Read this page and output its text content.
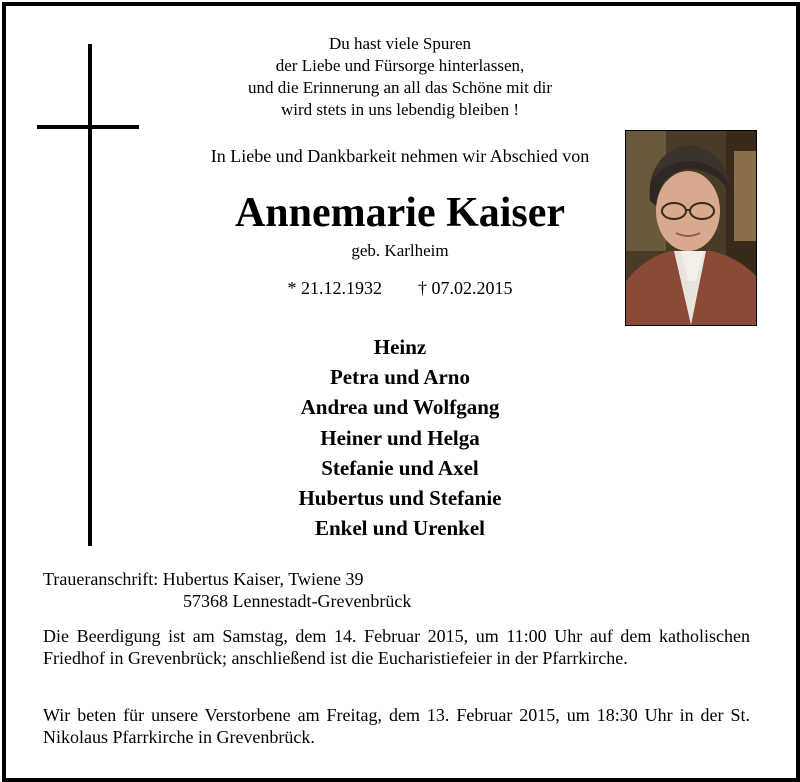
Du hast viele Spuren
der Liebe und Fürsorge hinterlassen,
und die Erinnerung an all das Schöne mit dir
wird stets in uns lebendig bleiben !
In Liebe und Dankbarkeit nehmen wir Abschied von
Annemarie Kaiser
geb. Karlheim
* 21.12.1932 † 07.02.2015
Heinz
Petra und Arno
Andrea und Wolfgang
Heiner und Helga
Stefanie und Axel
Hubertus und Stefanie
Enkel und Urenkel
Traueranschrift: Hubertus Kaiser, Twiene 39
57368 Lennestadt-Grevenbrück
Die Beerdigung ist am Samstag, dem 14. Februar 2015, um 11:00 Uhr auf dem katholischen Friedhof in Grevenbrück; anschließend ist die Eucharistiefeier in der Pfarrkirche.
Wir beten für unsere Verstorbene am Freitag, dem 13. Februar 2015, um 18:30 Uhr in der St. Nikolaus Pfarrkirche in Grevenbrück.
